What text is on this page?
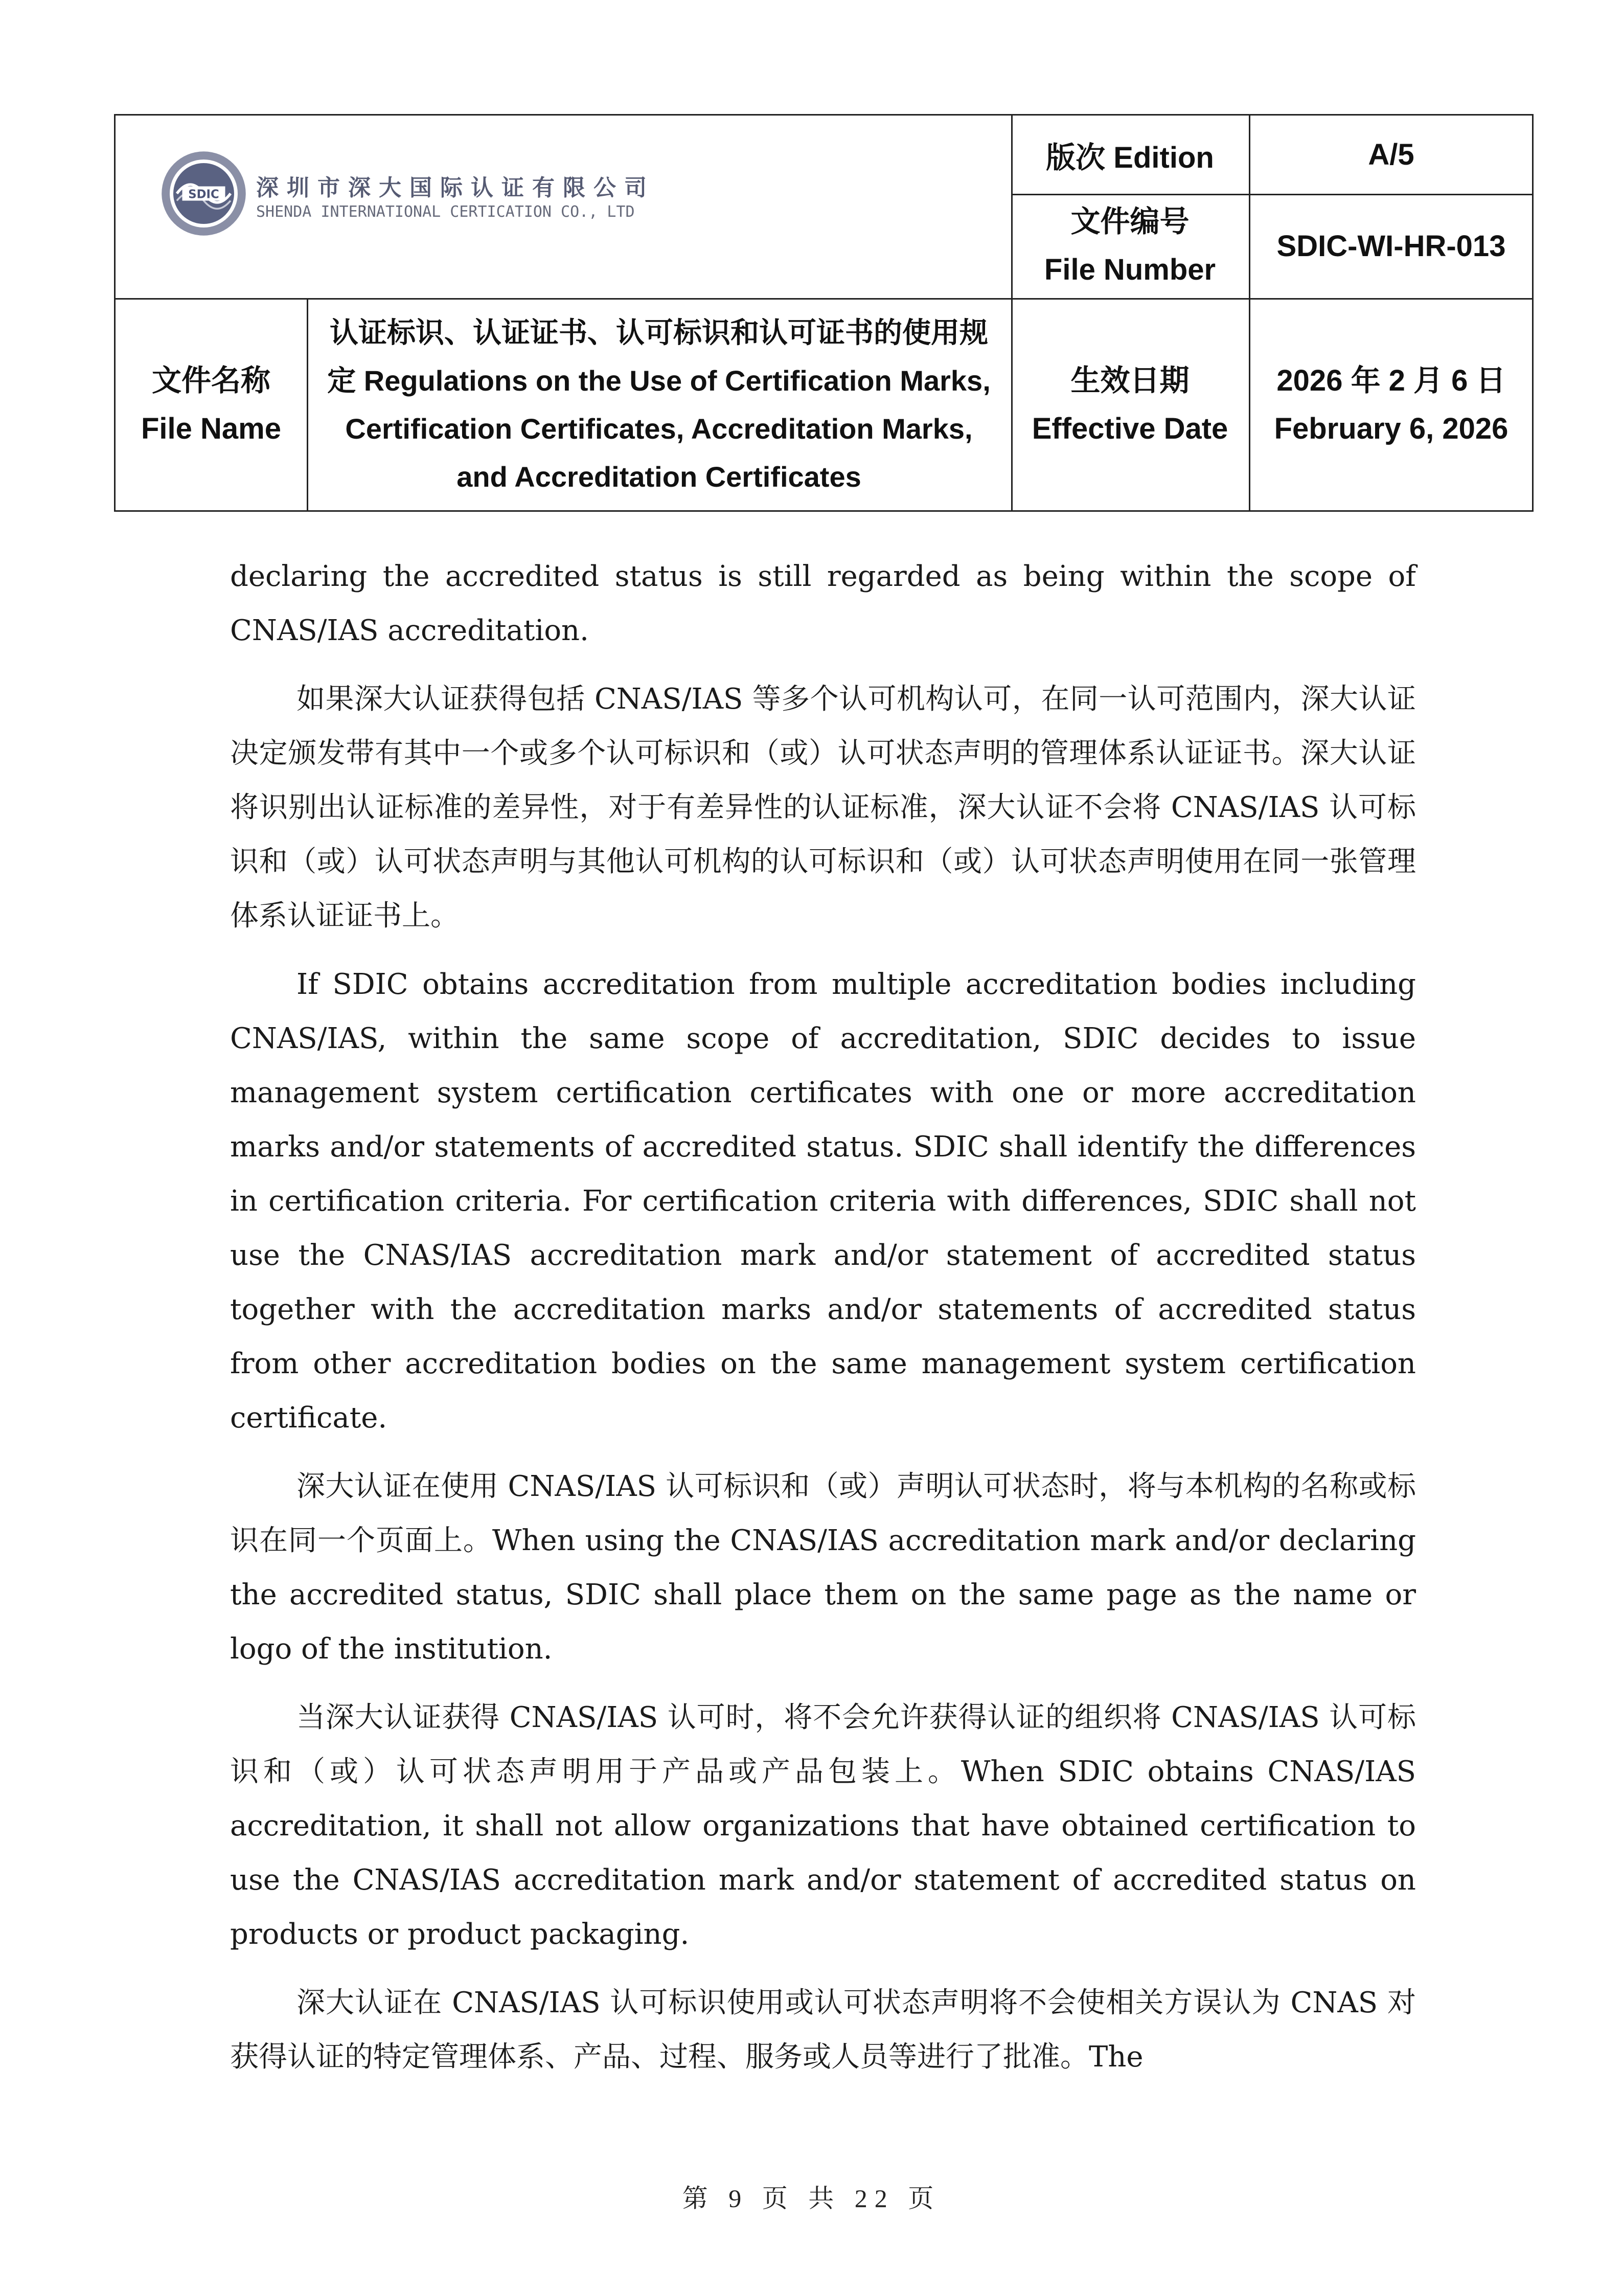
SDIC 深圳市深大国际认证有限公司
SHENDA INTERNATIONAL CERTICATION CO., LTD
版次 Edition	A/5
文件编号
File Number
SDIC-WI-HR-013
文件名称
File Name
认证标识、认证证书、认可标识和认可证书的使用规定 Regulations on the Use of Certification Marks, Certification Certificates, Accreditation Marks, and Accreditation Certificates
生效日期
Effective Date
2026 年 2 月 6 日
February 6, 2026

declaring the accredited status is still regarded as being within the scope of CNAS/IAS accreditation.

如果深大认证获得包括 CNAS/IAS 等多个认可机构认可，在同一认可范围内，深大认证决定颁发带有其中一个或多个认可标识和（或）认可状态声明的管理体系认证证书。深大认证将识别出认证标准的差异性，对于有差异性的认证标准，深大认证不会将 CNAS/IAS 认可标识和（或）认可状态声明与其他认可机构的认可标识和（或）认可状态声明使用在同一张管理体系认证证书上。

If SDIC obtains accreditation from multiple accreditation bodies including CNAS/IAS, within the same scope of accreditation, SDIC decides to issue management system certification certificates with one or more accreditation marks and/or statements of accredited status. SDIC shall identify the differences in certification criteria. For certification criteria with differences, SDIC shall not use the CNAS/IAS accreditation mark and/or statement of accredited status together with the accreditation marks and/or statements of accredited status from other accreditation bodies on the same management system certification certificate.

深大认证在使用 CNAS/IAS 认可标识和（或）声明认可状态时，将与本机构的名称或标识在同一个页面上。When using the CNAS/IAS accreditation mark and/or declaring the accredited status, SDIC shall place them on the same page as the name or logo of the institution.

当深大认证获得 CNAS/IAS 认可时，将不会允许获得认证的组织将 CNAS/IAS 认可标识和（或）认可状态声明用于产品或产品包装上。When SDIC obtains CNAS/IAS accreditation, it shall not allow organizations that have obtained certification to use the CNAS/IAS accreditation mark and/or statement of accredited status on products or product packaging.

深大认证在 CNAS/IAS 认可标识使用或认可状态声明将不会使相关方误认为 CNAS 对获得认证的特定管理体系、产品、过程、服务或人员等进行了批准。The

第 9 页 共 22 页
